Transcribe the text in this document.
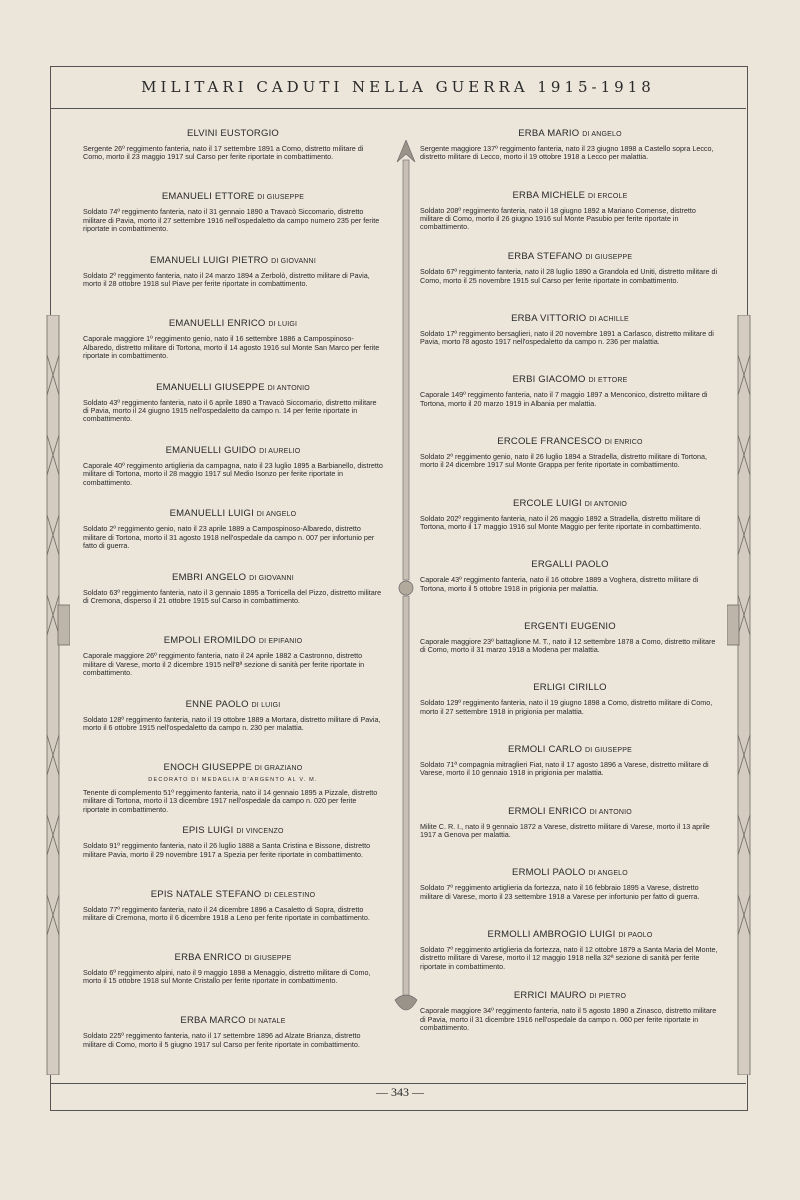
MILITARI CADUTI NELLA GUERRA 1915-1918
ELVINI EUSTORGIO

Sergente 26º reggimento fanteria, nato il 17 settembre 1891 a Como, distretto militare di Como, morto il 23 maggio 1917 sul Carso per ferite riportate in combattimento.

EMANUELI ETTORE DI GIUSEPPE

Soldato 74º reggimento fanteria, nato il 31 gennaio 1890 a Travacò Siccomario, distretto militare di Pavia, morto il 27 settembre 1916 nell'ospedaletto da campo numero 235 per ferite riportate in combattimento.

EMANUELI LUIGI PIETRO DI GIOVANNI

Soldato 2º reggimento fanteria, nato il 24 marzo 1894 a Zerbolò, distretto militare di Pavia, morto il 28 ottobre 1918 sul Piave per ferite riportate in combattimento.

EMANUELLI ENRICO DI LUIGI

Caporale maggiore 1º reggimento genio, nato il 16 settembre 1886 a Campospinoso-Albaredo, distretto militare di Tortona, morto il 14 agosto 1916 sul Monte San Marco per ferite riportate in combattimento.

EMANUELLI GIUSEPPE DI ANTONIO

Soldato 43º reggimento fanteria, nato il 6 aprile 1890 a Travacò Siccomario, distretto militare di Pavia, morto il 24 giugno 1915 nell'ospedaletto da campo n. 14 per ferite riportate in combattimento.

EMANUELLI GUIDO DI AURELIO

Caporale 40º reggimento artiglieria da campagna, nato il 23 luglio 1895 a Barbianello, distretto militare di Tortona, morto il 28 maggio 1917 sul Medio Isonzo per ferite riportate in combattimento.

EMANUELLI LUIGI DI ANGELO

Soldato 2º reggimento genio, nato il 23 aprile 1889 a Campospinoso-Albaredo, distretto militare di Tortona, morto il 31 agosto 1918 nell'ospedale da campo n. 007 per infortunio per fatto di guerra.

EMBRI ANGELO DI GIOVANNI

Soldato 63º reggimento fanteria, nato il 3 gennaio 1895 a Torricella del Pizzo, distretto militare di Cremona, disperso il 21 ottobre 1915 sul Carso in combattimento.

EMPOLI EROMILDO DI EPIFANIO

Caporale maggiore 26º reggimento fanteria, nato il 24 aprile 1882 a Castronno, distretto militare di Varese, morto il 2 dicembre 1915 nell'8ª sezione di sanità per ferite riportate in combattimento.

ENNE PAOLO DI LUIGI

Soldato 128º reggimento fanteria, nato il 19 ottobre 1889 a Mortara, distretto militare di Pavia, morto il 6 ottobre 1915 nell'ospedaletto da campo n. 230 per malattia.

ENOCH GIUSEPPE DI GRAZIANO
DECORATO DI MEDAGLIA D'ARGENTO AL V. M.

Tenente di complemento 51º reggimento fanteria, nato il 14 gennaio 1895 a Pizzale, distretto militare di Tortona, morto il 13 dicembre 1917 nell'ospedale da campo n. 020 per ferite riportate in combattimento.

EPIS LUIGI DI VINCENZO

Soldato 91º reggimento fanteria, nato il 26 luglio 1888 a Santa Cristina e Bissone, distretto militare Pavia, morto il 29 novembre 1917 a Spezia per ferite riportate in combattimento.

EPIS NATALE STEFANO DI CELESTINO

Soldato 77º reggimento fanteria, nato il 24 dicembre 1896 a Casaletto di Sopra, distretto militare di Cremona, morto il 6 dicembre 1918 a Leno per ferite riportate in combattimento.

ERBA ENRICO DI GIUSEPPE

Soldato 6º reggimento alpini, nato il 9 maggio 1898 a Menaggio, distretto militare di Como, morto il 15 ottobre 1918 sul Monte Cristallo per ferite riportate in combattimento.

ERBA MARCO DI NATALE

Soldato 225º reggimento fanteria, nato il 17 settembre 1896 ad Alzate Brianza, distretto militare di Como, morto il 5 giugno 1917 sul Carso per ferite riportate in combattimento.

ERBA MARIO DI ANGELO

Sergente maggiore 137º reggimento fanteria, nato il 23 giugno 1898 a Castello sopra Lecco, distretto militare di Lecco, morto il 19 ottobre 1918 a Lecco per malattia.

ERBA MICHELE DI ERCOLE

Soldato 208º reggimento fanteria, nato il 18 giugno 1892 a Mariano Comense, distretto militare di Como, morto il 26 giugno 1916 sul Monte Pasubio per ferite riportate in combattimento.

ERBA STEFANO DI GIUSEPPE

Soldato 67º reggimento fanteria, nato il 28 luglio 1890 a Grandola ed Uniti, distretto militare di Como, morto il 25 novembre 1915 sul Carso per ferite riportate in combattimento.

ERBA VITTORIO DI ACHILLE

Soldato 17º reggimento bersaglieri, nato il 20 novembre 1891 a Carlasco, distretto militare di Pavia, morto l'8 agosto 1917 nell'ospedaletto da campo n. 236 per malattia.

ERBI GIACOMO DI ETTORE

Caporale 149º reggimento fanteria, nato il 7 maggio 1897 a Menconico, distretto militare di Tortona, morto il 20 marzo 1919 in Albania per malattia.

ERCOLE FRANCESCO DI ENRICO

Soldato 2º reggimento genio, nato il 26 luglio 1894 a Stradella, distretto militare di Tortona, morto il 24 dicembre 1917 sul Monte Grappa per ferite riportate in combattimento.

ERCOLE LUIGI DI ANTONIO

Soldato 202º reggimento fanteria, nato il 26 maggio 1892 a Stradella, distretto militare di Tortona, morto il 17 maggio 1916 sul Monte Maggio per ferite riportate in combattimento.

ERGALLI PAOLO

Caporale 43º reggimento fanteria, nato il 16 ottobre 1889 a Voghera, distretto militare di Tortona, morto il 5 ottobre 1918 in prigionia per malattia.

ERGENTI EUGENIO

Caporale maggiore 23º battaglione M. T., nato il 12 settembre 1878 a Como, distretto militare di Como, morto il 31 marzo 1918 a Modena per malattia.

ERLIGI CIRILLO

Soldato 129º reggimento fanteria, nato il 19 giugno 1898 a Como, distretto militare di Como, morto il 27 settembre 1918 in prigionia per malattia.

ERMOLI CARLO DI GIUSEPPE

Soldato 71ª compagnia mitraglieri Fiat, nato il 17 agosto 1896 a Varese, distretto militare di Varese, morto il 10 gennaio 1918 in prigionia per malattia.

ERMOLI ENRICO DI ANTONIO

Milite C. R. I., nato il 9 gennaio 1872 a Varese, distretto militare di Varese, morto il 13 aprile 1917 a Genova per malattia.

ERMOLI PAOLO DI ANGELO

Soldato 7º reggimento artiglieria da fortezza, nato il 16 febbraio 1895 a Varese, distretto militare di Varese, morto il 23 settembre 1918 a Varese per infortunio per fatto di guerra.

ERMOLLI AMBROGIO LUIGI DI PAOLO

Soldato 7º reggimento artiglieria da fortezza, nato il 12 ottobre 1879 a Santa Maria del Monte, distretto militare di Varese, morto il 12 maggio 1918 nella 32ª sezione di sanità per ferite riportate in combattimento.

ERRICI MAURO DI PIETRO

Caporale maggiore 34º reggimento fanteria, nato il 5 agosto 1890 a Zinasco, distretto militare di Pavia, morto il 31 dicembre 1916 nell'ospedale da campo n. 060 per ferite riportate in combattimento.

— 343 —
